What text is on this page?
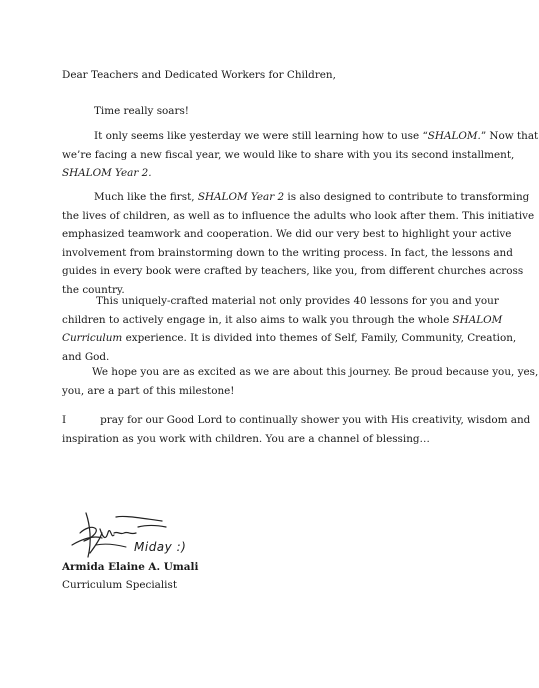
Dear Teachers and Dedicated Workers for Children,
Time really soars!
It only seems like yesterday we were still learning how to use “SHALOM.” Now that
we’re facing a new fiscal year, we would like to share with you its second installment,
SHALOM Year 2.
Much like the first, SHALOM Year 2 is also designed to contribute to transforming
the lives of children, as well as to influence the adults who look after them. This initiative
emphasized teamwork and cooperation. We did our very best to highlight your active
involvement from brainstorming down to the writing process. In fact, the lessons and
guides in every book were crafted by teachers, like you, from different churches across
the country.
This uniquely-crafted material not only provides 40 lessons for you and your
children to actively engage in, it also aims to walk you through the whole SHALOM
Curriculum experience. It is divided into themes of Self, Family, Community, Creation,
and God.
We hope you are as excited as we are about this journey. Be proud because you, yes,
you, are a part of this milestone!
I	pray for our Good Lord to continually shower you with His creativity, wisdom and
inspiration as you work with children. You are a channel of blessing…
Miday :)
Armida Elaine A. Umali
Curriculum Specialist
